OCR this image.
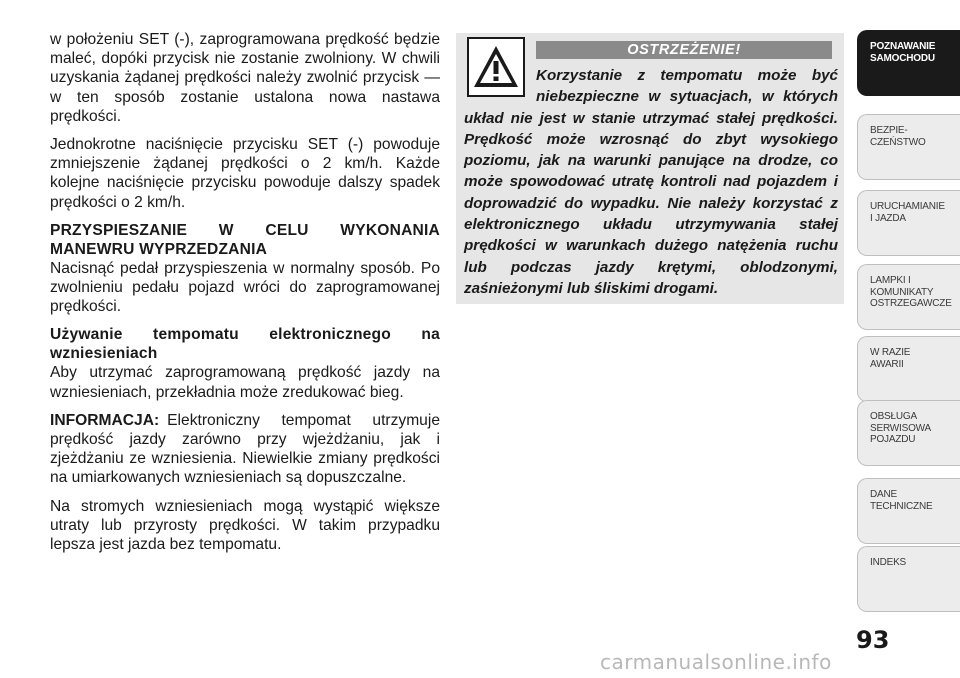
w położeniu SET (-), zaprogramowana prędkość będzie maleć, dopóki przycisk nie zostanie zwolniony. W chwili uzyskania żądanej prędkości należy zwolnić przycisk — w ten sposób zostanie ustalona nowa nastawa prędkości.

Jednokrotne naciśnięcie przycisku SET (-) powoduje zmniejszenie żądanej prędkości o 2 km/h. Każde kolejne naciśnięcie przycisku powoduje dalszy spadek prędkości o 2 km/h.

PRZYSPIESZANIE W CELU WYKONANIA MANEWRU WYPRZEDZANIA

Nacisnąć pedał przyspieszenia w normalny sposób. Po zwolnieniu pedału pojazd wróci do zaprogramowanej prędkości.

Używanie tempomatu elektronicznego na wzniesieniach

Aby utrzymać zaprogramowaną prędkość jazdy na wzniesieniach, przekładnia może zredukować bieg.

INFORMACJA: Elektroniczny tempomat utrzymuje prędkość jazdy zarówno przy wjeżdżaniu, jak i zjeżdżaniu ze wzniesienia. Niewielkie zmiany prędkości na umiarkowanych wzniesieniach są dopuszczalne.

Na stromych wzniesieniach mogą wystąpić większe utraty lub przyrosty prędkości. W takim przypadku lepsza jest jazda bez tempomatu.

OSTRZEŻENIE!
Korzystanie z tempomatu może być niebezpieczne w sytuacjach, w których układ nie jest w stanie utrzymać stałej prędkości. Prędkość może wzrosnąć do zbyt wysokiego poziomu, jak na warunki panujące na drodze, co może spowodować utratę kontroli nad pojazdem i doprowadzić do wypadku. Nie należy korzystać z elektronicznego układu utrzymywania stałej prędkości w warunkach dużego natężenia ruchu lub podczas jazdy krętymi, oblodzonymi, zaśnieżonymi lub śliskimi drogami.
POZNAWANIE
SAMOCHODU
BEZPIE-
CZEŃSTWO
URUCHAMIANIE
I JAZDA
LAMPKI I
KOMUNIKATY
OSTRZEGAWCZE
W RAZIE
AWARII
OBSŁUGA
SERWISOWA
POJAZDU
DANE
TECHNICZNE
INDEKS
93
carmanualsonline.info
